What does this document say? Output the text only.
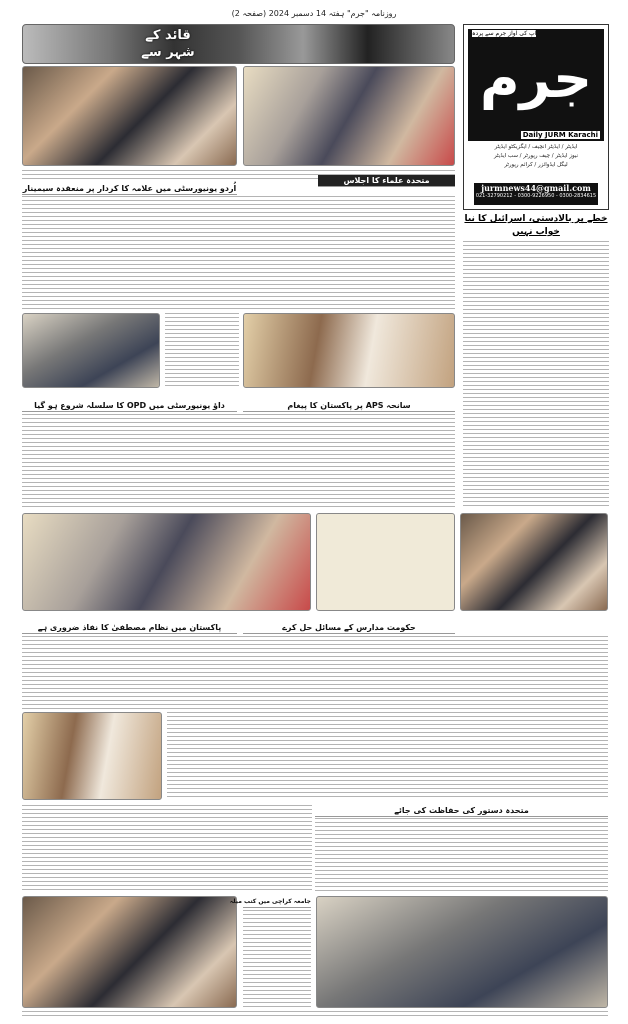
روزنامہ "جرم" ہفتہ 14 دسمبر 2024 (صفحہ 2)
قائد کے شہر سے
آپ کی آواز جرم سے پردہ
جرم
Daily JURM Karachi
ایڈیٹر / ایڈیٹر انچیف / ایگزیکٹو ایڈیٹر
نیوز ایڈیٹر / چیف رپورٹر / سب ایڈیٹر
لیگل ایڈوائزر / کرائم رپورٹر
jurmnews44@gmail.com
021-32790212 - 0300-9226950 - 0300-2834615
خطے پر بالادستی، اسرائیل کا نیا خواب نہیں
اُردو یونیورسٹی میں علامہ کا کردار پر منعقدہ سیمینار
متحدہ علماء کا اجلاس
داؤ یونیورسٹی میں OPD کا سلسلہ شروع ہو گیا	سانحہ APS پر پاکستان کا پیغام
پاکستان میں نظام مصطفیٰ کا نفاذ ضروری ہے	حکومت مدارس کے مسائل حل کرے
متحدہ دستور کی حفاظت کی جائے
جامعہ کراچی میں کتب میلہ
